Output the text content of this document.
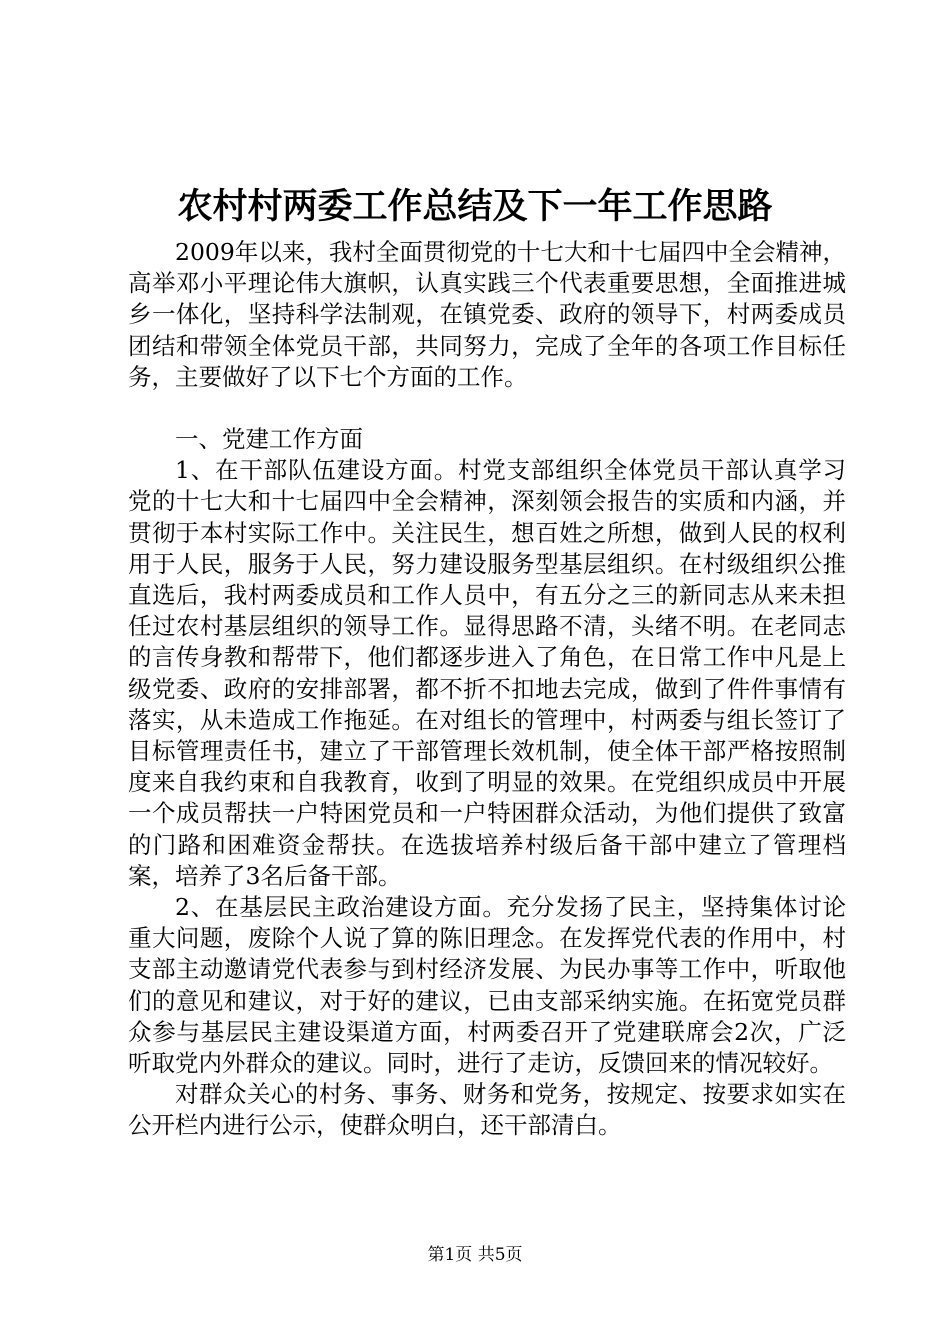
农村村两委工作总结及下一年工作思路

2009年以来，我村全面贯彻党的十七大和十七届四中全会精神，高举邓小平理论伟大旗帜，认真实践三个代表重要思想，全面推进城乡一体化，坚持科学法制观，在镇党委、政府的领导下，村两委成员团结和带领全体党员干部，共同努力，完成了全年的各项工作目标任务，主要做好了以下七个方面的工作。

一、党建工作方面

1、在干部队伍建设方面。村党支部组织全体党员干部认真学习党的十七大和十七届四中全会精神，深刻领会报告的实质和内涵，并贯彻于本村实际工作中。关注民生，想百姓之所想，做到人民的权利用于人民，服务于人民，努力建设服务型基层组织。在村级组织公推直选后，我村两委成员和工作人员中，有五分之三的新同志从来未担任过农村基层组织的领导工作。显得思路不清，头绪不明。在老同志的言传身教和帮带下，他们都逐步进入了角色，在日常工作中凡是上级党委、政府的安排部署，都不折不扣地去完成，做到了件件事情有落实，从未造成工作拖延。在对组长的管理中，村两委与组长签订了目标管理责任书，建立了干部管理长效机制，使全体干部严格按照制度来自我约束和自我教育，收到了明显的效果。在党组织成员中开展一个成员帮扶一户特困党员和一户特困群众活动，为他们提供了致富的门路和困难资金帮扶。在选拔培养村级后备干部中建立了管理档案，培养了3名后备干部。

2、在基层民主政治建设方面。充分发扬了民主，坚持集体讨论重大问题，废除个人说了算的陈旧理念。在发挥党代表的作用中，村支部主动邀请党代表参与到村经济发展、为民办事等工作中，听取他们的意见和建议，对于好的建议，已由支部采纳实施。在拓宽党员群众参与基层民主建设渠道方面，村两委召开了党建联席会2次，广泛听取党内外群众的建议。同时，进行了走访，反馈回来的情况较好。

对群众关心的村务、事务、财务和党务，按规定、按要求如实在公开栏内进行公示，使群众明白，还干部清白。

第1页 共5页
